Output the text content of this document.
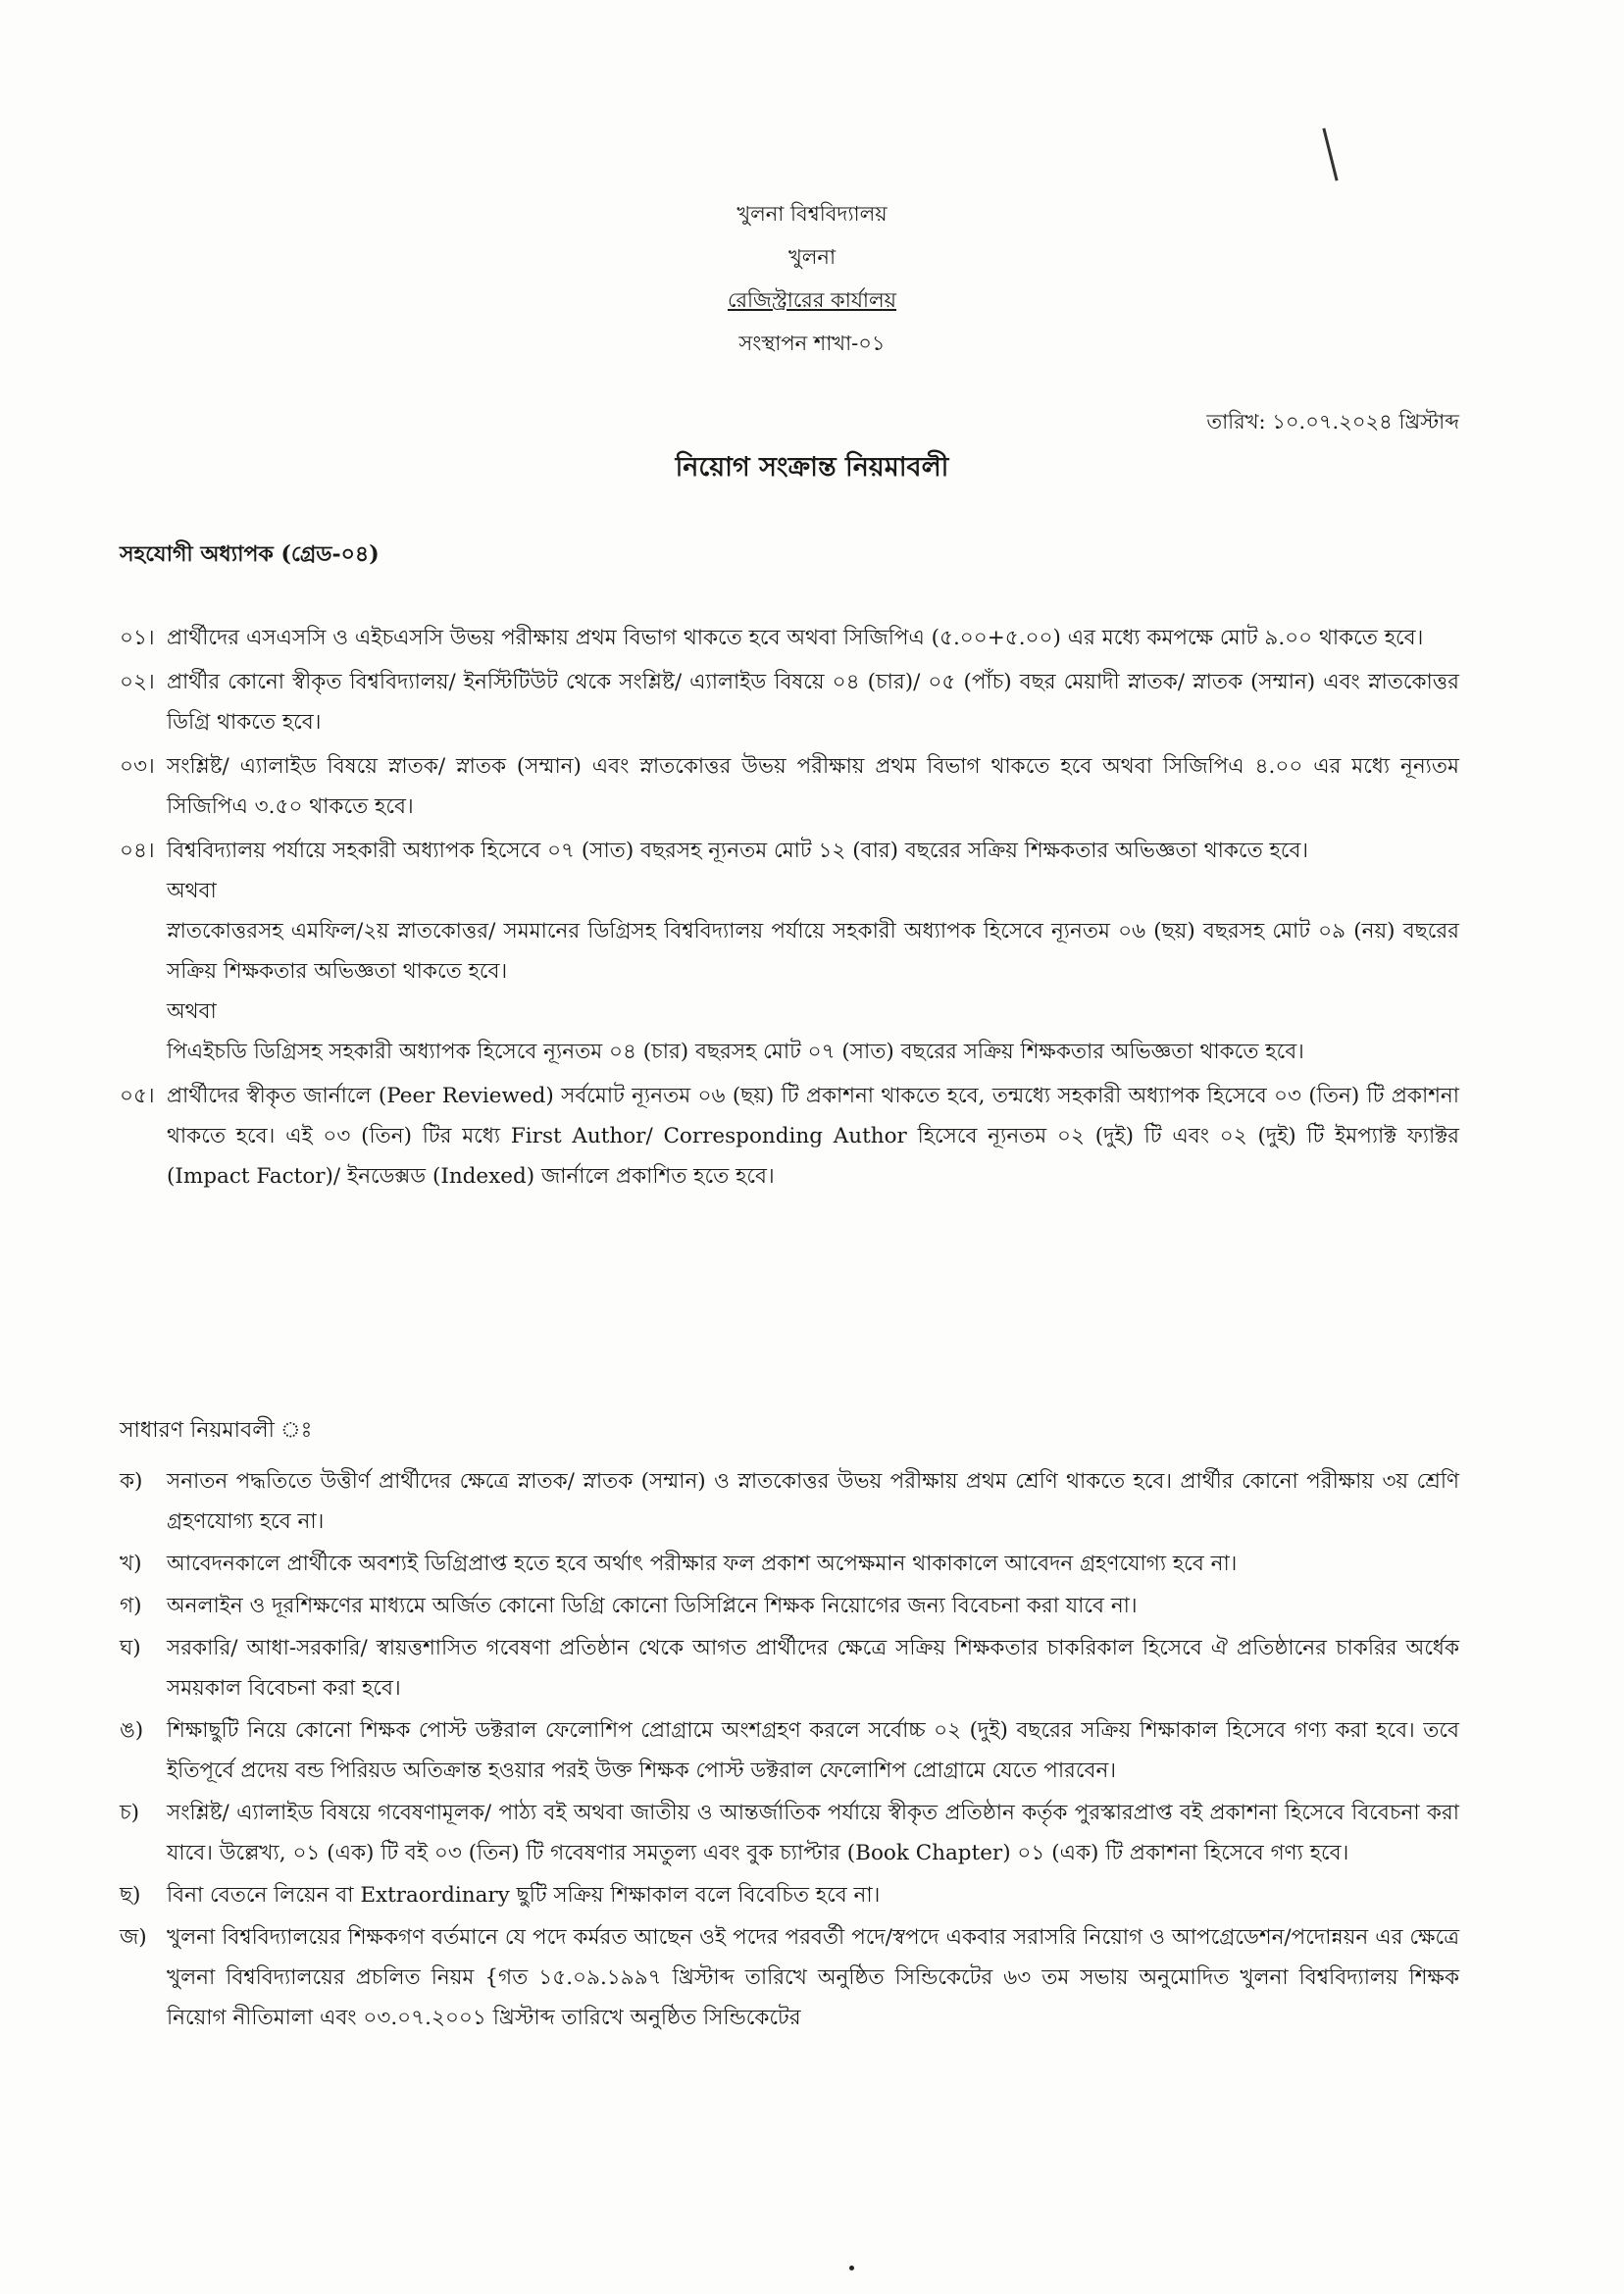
খুলনা বিশ্ববিদ্যালয়
খুলনা
রেজিস্ট্রারের কার্যালয়
সংস্থাপন শাখা-০১
তারিখ: ১০.০৭.২০২৪ খ্রিস্টাব্দ
নিয়োগ সংক্রান্ত নিয়মাবলী
সহযোগী অধ্যাপক (গ্রেড-০৪)
০১। প্রার্থীদের এসএসসি ও এইচএসসি উভয় পরীক্ষায় প্রথম বিভাগ থাকতে হবে অথবা সিজিপিএ (৫.০০+৫.০০) এর মধ্যে কমপক্ষে মোট ৯.০০ থাকতে হবে।
০২। প্রার্থীর কোনো স্বীকৃত বিশ্ববিদ্যালয়/ ইনস্টিটিউট থেকে সংশ্লিষ্ট/ এ্যালাইড বিষয়ে ০৪ (চার)/ ০৫ (পাঁচ) বছর মেয়াদী স্নাতক/ স্নাতক (সম্মান) এবং স্নাতকোত্তর ডিগ্রি থাকতে হবে।
০৩। সংশ্লিষ্ট/ এ্যালাইড বিষয়ে স্নাতক/ স্নাতক (সম্মান) এবং স্নাতকোত্তর উভয় পরীক্ষায় প্রথম বিভাগ থাকতে হবে অথবা সিজিপিএ ৪.০০ এর মধ্যে নূন্যতম সিজিপিএ ৩.৫০ থাকতে হবে।
০৪। বিশ্ববিদ্যালয় পর্যায়ে সহকারী অধ্যাপক হিসেবে ০৭ (সাত) বছরসহ ন্যূনতম মোট ১২ (বার) বছরের সক্রিয় শিক্ষকতার অভিজ্ঞতা থাকতে হবে।
অথবা
স্নাতকোত্তরসহ এমফিল/২য় স্নাতকোত্তর/ সমমানের ডিগ্রিসহ বিশ্ববিদ্যালয় পর্যায়ে সহকারী অধ্যাপক হিসেবে ন্যূনতম ০৬ (ছয়) বছরসহ মোট ০৯ (নয়) বছরের সক্রিয় শিক্ষকতার অভিজ্ঞতা থাকতে হবে।
অথবা
পিএইচডি ডিগ্রিসহ সহকারী অধ্যাপক হিসেবে ন্যূনতম ০৪ (চার) বছরসহ মোট ০৭ (সাত) বছরের সক্রিয় শিক্ষকতার অভিজ্ঞতা থাকতে হবে।
০৫। প্রার্থীদের স্বীকৃত জার্নালে (Peer Reviewed) সর্বমোট ন্যূনতম ০৬ (ছয়) টি প্রকাশনা থাকতে হবে, তন্মধ্যে সহকারী অধ্যাপক হিসেবে ০৩ (তিন) টি প্রকাশনা থাকতে হবে। এই ০৩ (তিন) টির মধ্যে First Author/ Corresponding Author হিসেবে ন্যূনতম ০২ (দুই) টি এবং ০২ (দুই) টি ইমপ্যাক্ট ফ্যাক্টর (Impact Factor)/ ইনডেক্সড (Indexed) জার্নালে প্রকাশিত হতে হবে।
সাধারণ নিয়মাবলী ঃ
ক) সনাতন পদ্ধতিতে উত্তীর্ণ প্রার্থীদের ক্ষেত্রে স্নাতক/ স্নাতক (সম্মান) ও স্নাতকোত্তর উভয় পরীক্ষায় প্রথম শ্রেণি থাকতে হবে। প্রার্থীর কোনো পরীক্ষায় ৩য় শ্রেণি গ্রহণযোগ্য হবে না।
খ) আবেদনকালে প্রার্থীকে অবশ্যই ডিগ্রিপ্রাপ্ত হতে হবে অর্থাৎ পরীক্ষার ফল প্রকাশ অপেক্ষমান থাকাকালে আবেদন গ্রহণযোগ্য হবে না।
গ) অনলাইন ও দূরশিক্ষণের মাধ্যমে অর্জিত কোনো ডিগ্রি কোনো ডিসিপ্লিনে শিক্ষক নিয়োগের জন্য বিবেচনা করা যাবে না।
ঘ) সরকারি/ আধা-সরকারি/ স্বায়ত্তশাসিত গবেষণা প্রতিষ্ঠান থেকে আগত প্রার্থীদের ক্ষেত্রে সক্রিয় শিক্ষকতার চাকরিকাল হিসেবে ঐ প্রতিষ্ঠানের চাকরির অর্ধেক সময়কাল বিবেচনা করা হবে।
ঙ) শিক্ষাছুটি নিয়ে কোনো শিক্ষক পোস্ট ডক্টরাল ফেলোশিপ প্রোগ্রামে অংশগ্রহণ করলে সর্বোচ্চ ০২ (দুই) বছরের সক্রিয় শিক্ষাকাল হিসেবে গণ্য করা হবে। তবে ইতিপূর্বে প্রদেয় বন্ড পিরিয়ড অতিক্রান্ত হওয়ার পরই উক্ত শিক্ষক পোস্ট ডক্টরাল ফেলোশিপ প্রোগ্রামে যেতে পারবেন।
চ) সংশ্লিষ্ট/ এ্যালাইড বিষয়ে গবেষণামূলক/ পাঠ্য বই অথবা জাতীয় ও আন্তর্জাতিক পর্যায়ে স্বীকৃত প্রতিষ্ঠান কর্তৃক পুরস্কারপ্রাপ্ত বই প্রকাশনা হিসেবে বিবেচনা করা যাবে। উল্লেখ্য, ০১ (এক) টি বই ০৩ (তিন) টি গবেষণার সমতুল্য এবং বুক চ্যাপ্টার (Book Chapter) ০১ (এক) টি প্রকাশনা হিসেবে গণ্য হবে।
ছ) বিনা বেতনে লিয়েন বা Extraordinary ছুটি সক্রিয় শিক্ষাকাল বলে বিবেচিত হবে না।
জ) খুলনা বিশ্ববিদ্যালয়ের শিক্ষকগণ বর্তমানে যে পদে কর্মরত আছেন ওই পদের পরবর্তী পদে/স্বপদে একবার সরাসরি নিয়োগ ও আপগ্রেডেশন/পদোন্নয়ন এর ক্ষেত্রে খুলনা বিশ্ববিদ্যালয়ের প্রচলিত নিয়ম {গত ১৫.০৯.১৯৯৭ খ্রিস্টাব্দ তারিখে অনুষ্ঠিত সিন্ডিকেটের ৬৩ তম সভায় অনুমোদিত খুলনা বিশ্ববিদ্যালয় শিক্ষক নিয়োগ নীতিমালা এবং ০৩.০৭.২০০১ খ্রিস্টাব্দ তারিখে অনুষ্ঠিত সিন্ডিকেটের
